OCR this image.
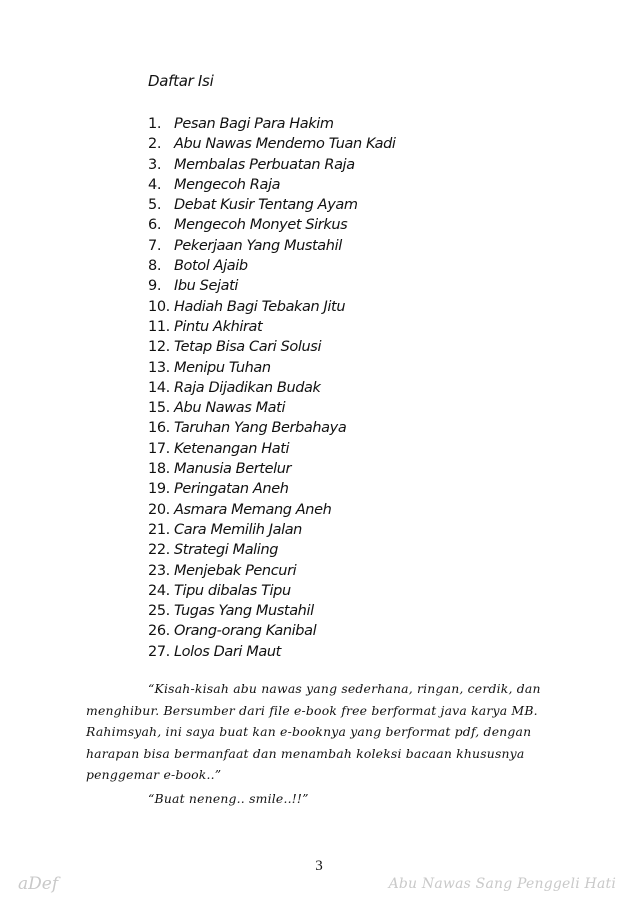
Daftar Isi
1. Pesan Bagi Para Hakim
2. Abu Nawas Mendemo Tuan Kadi
3. Membalas Perbuatan Raja
4. Mengecoh Raja
5. Debat Kusir Tentang Ayam
6. Mengecoh Monyet Sirkus
7. Pekerjaan Yang Mustahil
8. Botol Ajaib
9. Ibu Sejati
10. Hadiah Bagi Tebakan Jitu
11. Pintu Akhirat
12. Tetap Bisa Cari Solusi
13. Menipu Tuhan
14. Raja Dijadikan Budak
15. Abu Nawas Mati
16. Taruhan Yang Berbahaya
17. Ketenangan Hati
18. Manusia Bertelur
19. Peringatan Aneh
20. Asmara Memang Aneh
21. Cara Memilih Jalan
22. Strategi Maling
23. Menjebak Pencuri
24. Tipu dibalas Tipu
25. Tugas Yang Mustahil
26. Orang-orang Kanibal
27. Lolos Dari Maut
“Kisah-kisah abu nawas yang sederhana, ringan, cerdik, dan menghibur. Bersumber dari file e-book free berformat java karya MB. Rahimsyah, ini saya buat kan e-booknya yang berformat pdf, dengan harapan bisa bermanfaat dan menambah koleksi bacaan khususnya penggemar e-book..”
“Buat neneng.. smile..!!”
3
aDef	Abu Nawas Sang Penggeli Hati
